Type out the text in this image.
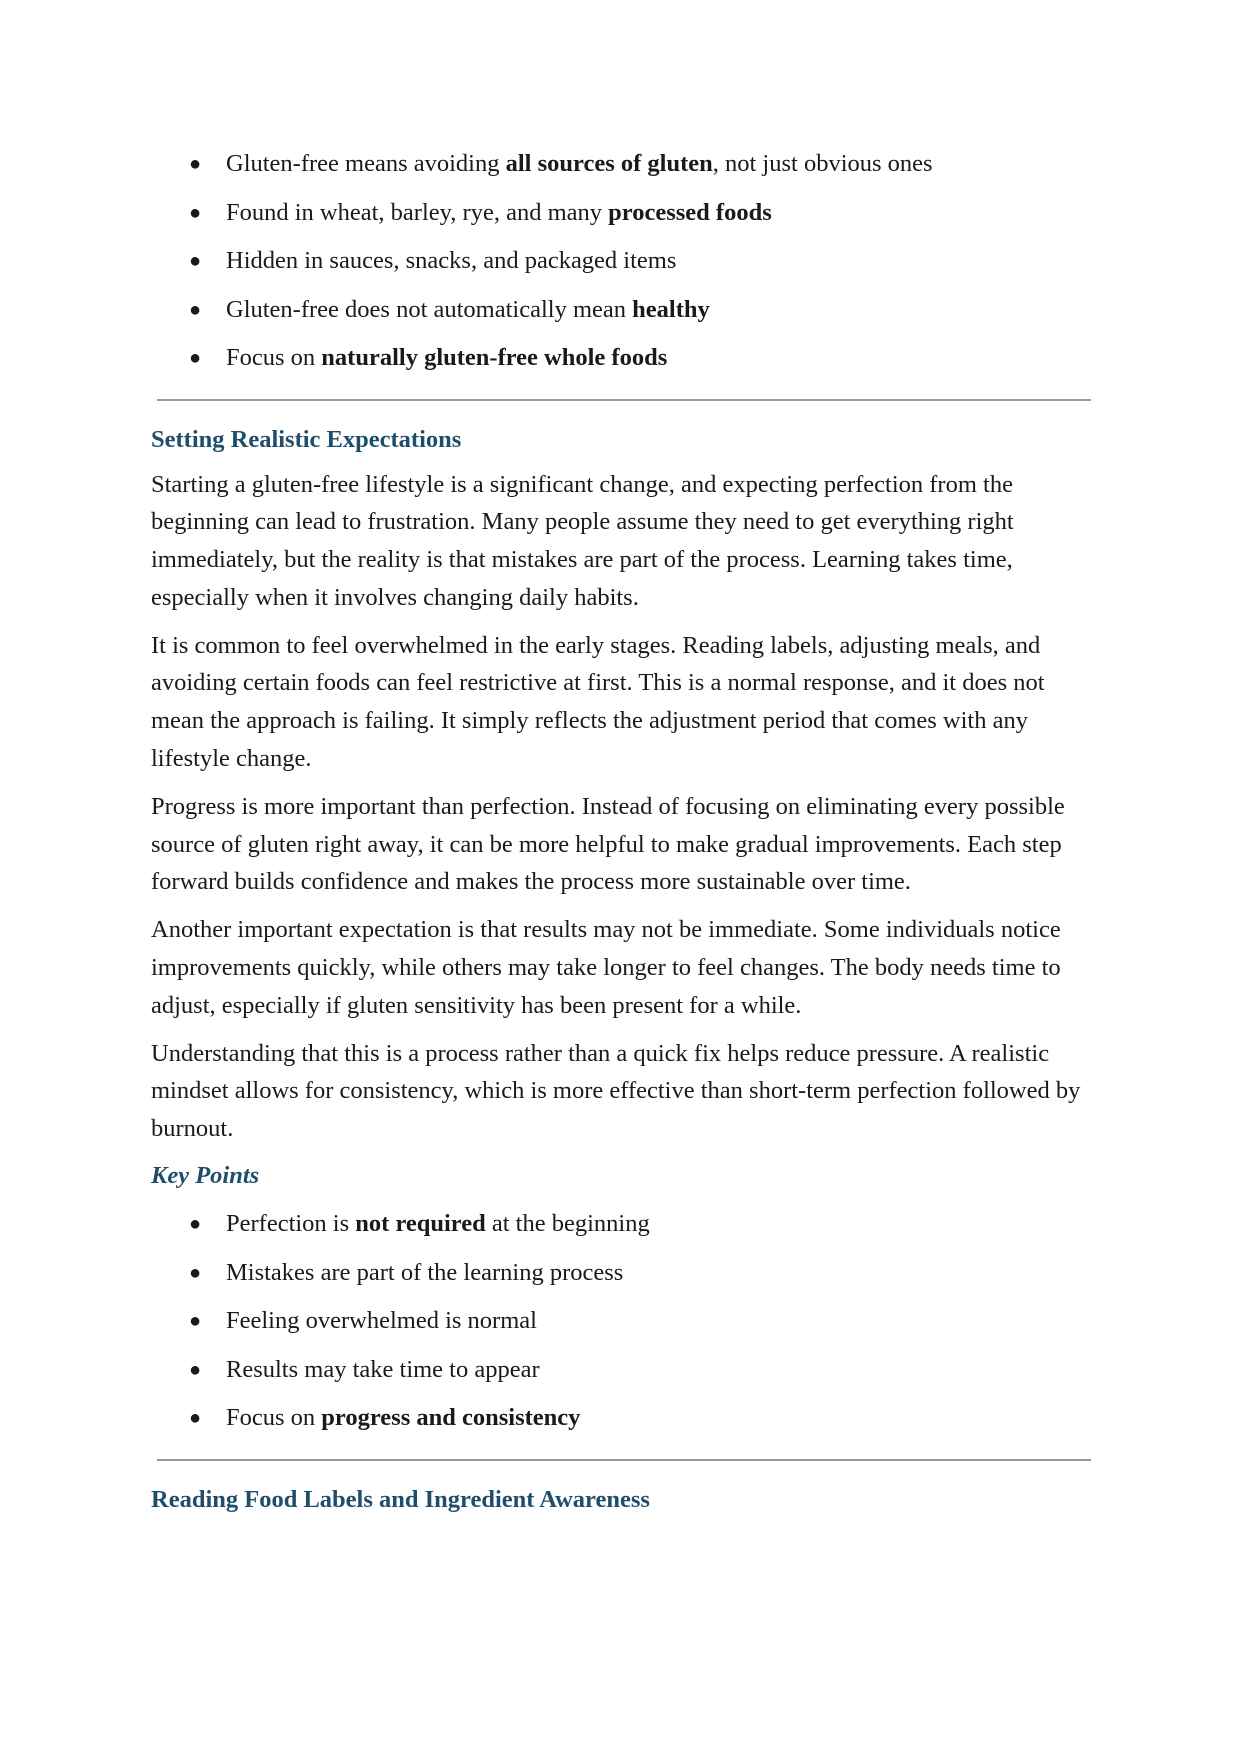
● Gluten-free means avoiding all sources of gluten, not just obvious ones
● Found in wheat, barley, rye, and many processed foods
● Hidden in sauces, snacks, and packaged items
● Gluten-free does not automatically mean healthy
● Focus on naturally gluten-free whole foods
Setting Realistic Expectations

Starting a gluten-free lifestyle is a significant change, and expecting perfection from the beginning can lead to frustration. Many people assume they need to get everything right immediately, but the reality is that mistakes are part of the process. Learning takes time, especially when it involves changing daily habits.

It is common to feel overwhelmed in the early stages. Reading labels, adjusting meals, and avoiding certain foods can feel restrictive at first. This is a normal response, and it does not mean the approach is failing. It simply reflects the adjustment period that comes with any lifestyle change.

Progress is more important than perfection. Instead of focusing on eliminating every possible source of gluten right away, it can be more helpful to make gradual improvements. Each step forward builds confidence and makes the process more sustainable over time.

Another important expectation is that results may not be immediate. Some individuals notice improvements quickly, while others may take longer to feel changes. The body needs time to adjust, especially if gluten sensitivity has been present for a while.

Understanding that this is a process rather than a quick fix helps reduce pressure. A realistic mindset allows for consistency, which is more effective than short-term perfection followed by burnout.

Key Points
● Perfection is not required at the beginning
● Mistakes are part of the learning process
● Feeling overwhelmed is normal
● Results may take time to appear
● Focus on progress and consistency
Reading Food Labels and Ingredient Awareness
